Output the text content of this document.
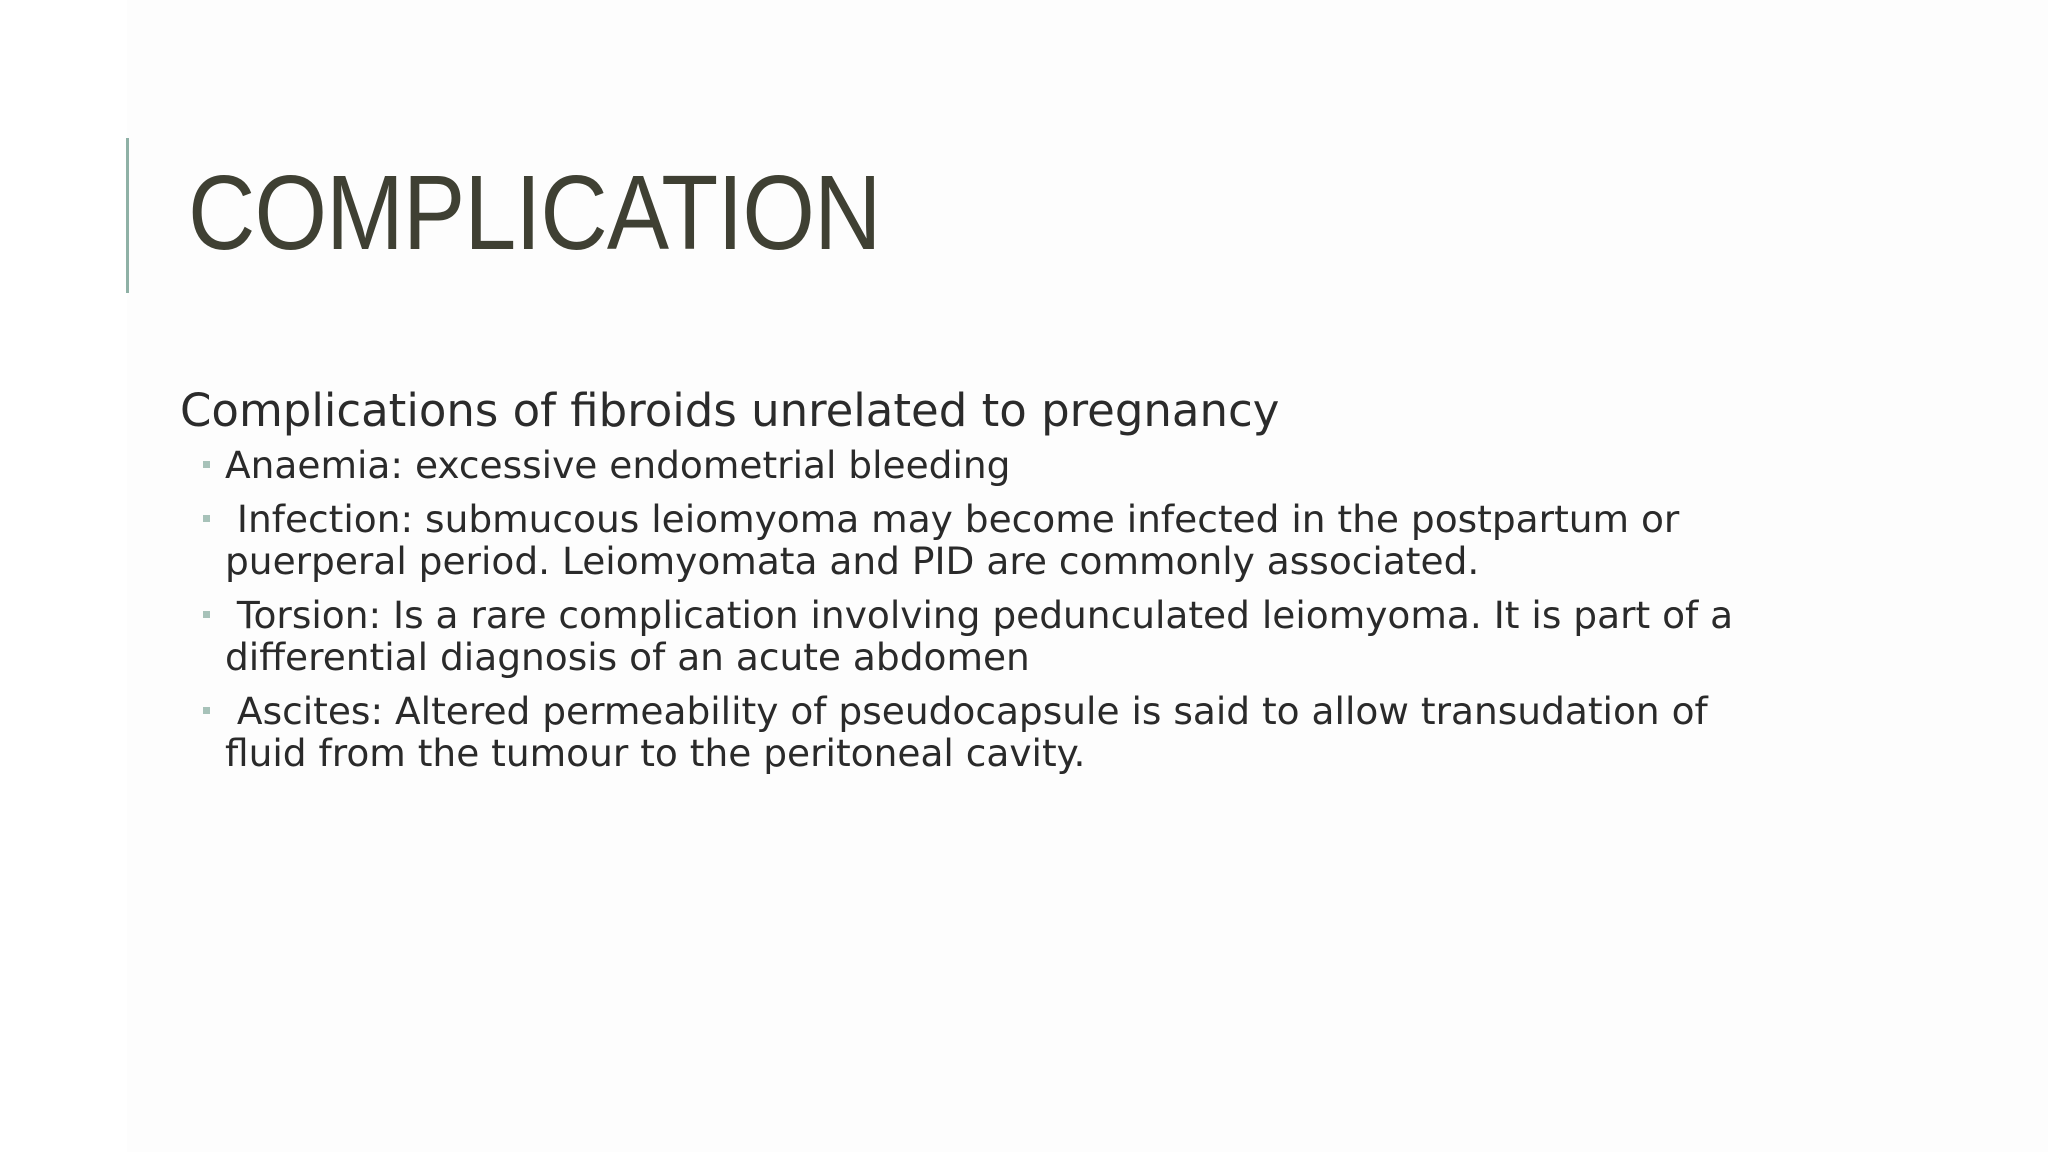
COMPLICATION

Complications of fibroids unrelated to pregnancy

Anaemia: excessive endometrial bleeding
Infection: submucous leiomyoma may become infected in the postpartum or puerperal period. Leiomyomata and PID are commonly associated.
Torsion: Is a rare complication involving pedunculated leiomyoma. It is part of a differential diagnosis of an acute abdomen
Ascites: Altered permeability of pseudocapsule is said to allow transudation of fluid from the tumour to the peritoneal cavity.
